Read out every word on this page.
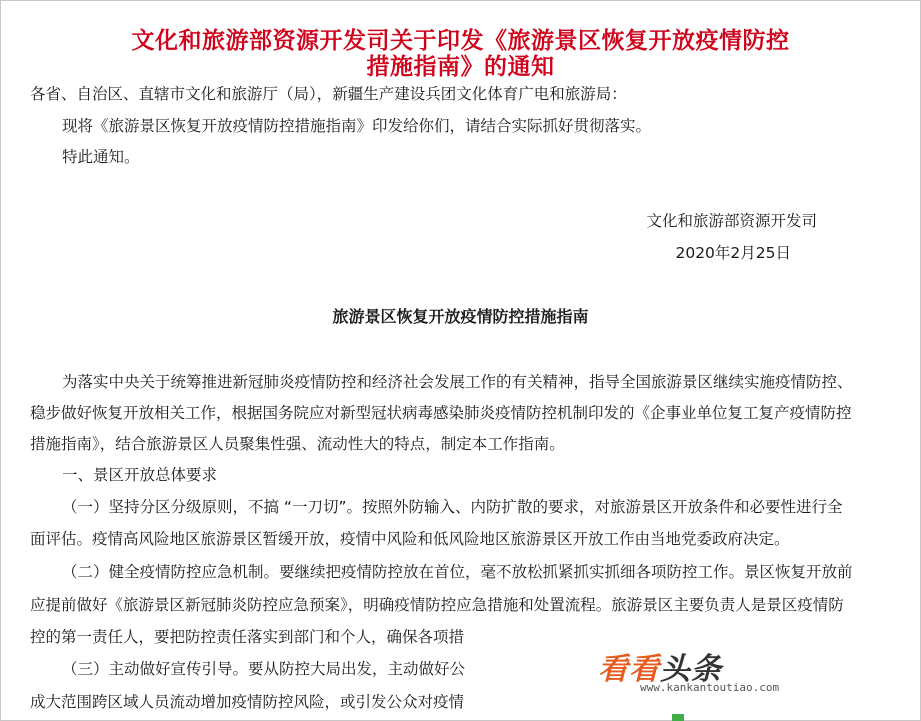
文化和旅游部资源开发司关于印发《旅游景区恢复开放疫情防控
措施指南》的通知
各省、自治区、直辖市文化和旅游厅（局），新疆生产建设兵团文化体育广电和旅游局：
现将《旅游景区恢复开放疫情防控措施指南》印发给你们，请结合实际抓好贯彻落实。
特此通知。
文化和旅游部资源开发司
2020年2月25日
旅游景区恢复开放疫情防控措施指南
为落实中央关于统筹推进新冠肺炎疫情防控和经济社会发展工作的有关精神，指导全国旅游景区继续实施疫情防控、
稳步做好恢复开放相关工作，根据国务院应对新型冠状病毒感染肺炎疫情防控机制印发的《企事业单位复工复产疫情防控
措施指南》，结合旅游景区人员聚集性强、流动性大的特点，制定本工作指南。
一、景区开放总体要求
（一）坚持分区分级原则，不搞 “一刀切”。按照外防输入、内防扩散的要求，对旅游景区开放条件和必要性进行全
面评估。疫情高风险地区旅游景区暂缓开放，疫情中风险和低风险地区旅游景区开放工作由当地党委政府决定。
（二）健全疫情防控应急机制。要继续把疫情防控放在首位，毫不放松抓紧抓实抓细各项防控工作。景区恢复开放前
应提前做好《旅游景区新冠肺炎防控应急预案》，明确疫情防控应急措施和处置流程。旅游景区主要负责人是景区疫情防
控的第一责任人，要把防控责任落实到部门和个人，确保各项措
（三）主动做好宣传引导。要从防控大局出发，主动做好公
成大范围跨区域人员流动增加疫情防控风险，或引发公众对疫情
看看头条
www.kankantoutiao.com
